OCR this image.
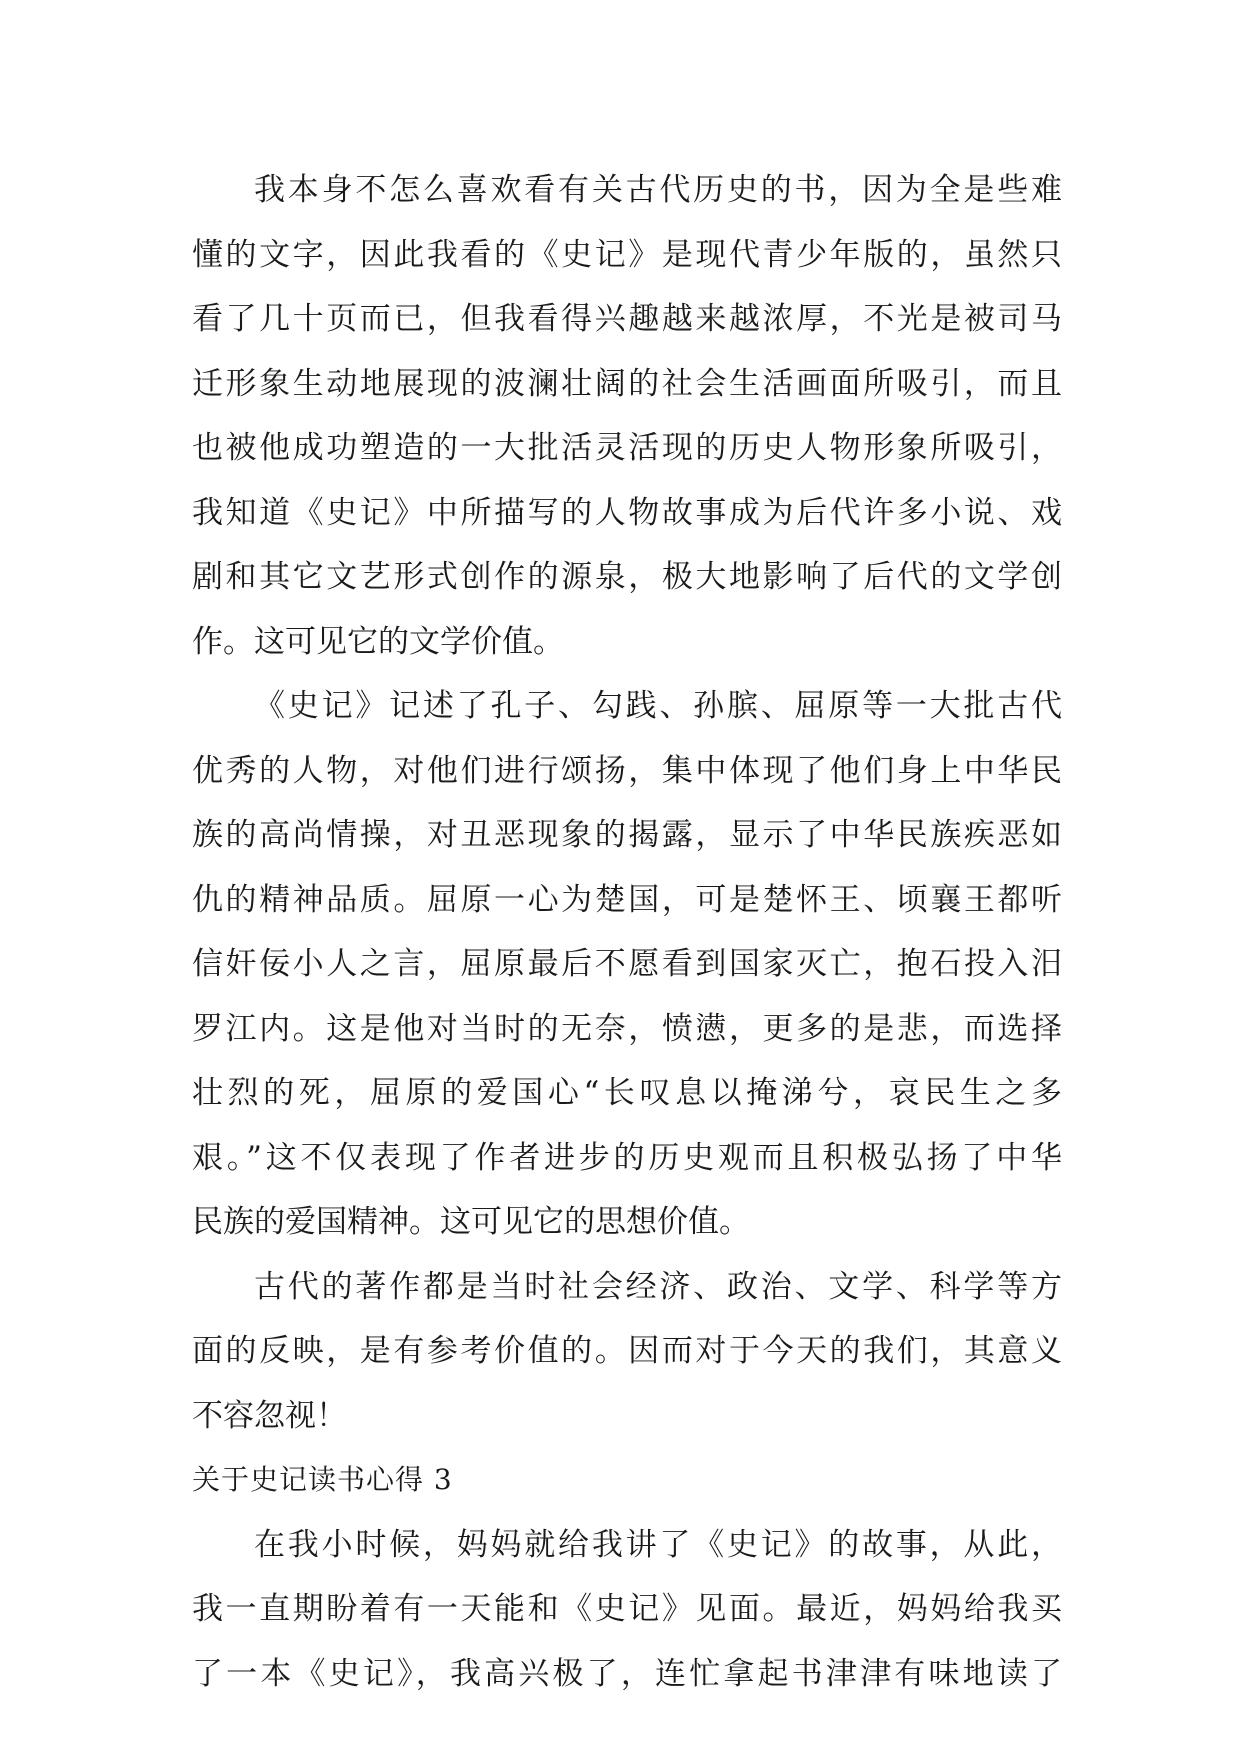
我本身不怎么喜欢看有关古代历史的书，因为全是些难
懂的文字，因此我看的《史记》是现代青少年版的，虽然只
看了几十页而已，但我看得兴趣越来越浓厚，不光是被司马
迁形象生动地展现的波澜壮阔的社会生活画面所吸引，而且
也被他成功塑造的一大批活灵活现的历史人物形象所吸引，
我知道《史记》中所描写的人物故事成为后代许多小说、戏
剧和其它文艺形式创作的源泉，极大地影响了后代的文学创
作。这可见它的文学价值。
《史记》记述了孔子、勾践、孙膑、屈原等一大批古代
优秀的人物，对他们进行颂扬，集中体现了他们身上中华民
族的高尚情操，对丑恶现象的揭露，显示了中华民族疾恶如
仇的精神品质。屈原一心为楚国，可是楚怀王、顷襄王都听
信奸佞小人之言，屈原最后不愿看到国家灭亡，抱石投入汨
罗江内。这是他对当时的无奈，愤懑，更多的是悲，而选择
壮烈的死，屈原的爱国心“长叹息以掩涕兮，哀民生之多
艰。”这不仅表现了作者进步的历史观而且积极弘扬了中华
民族的爱国精神。这可见它的思想价值。
古代的著作都是当时社会经济、政治、文学、科学等方
面的反映，是有参考价值的。因而对于今天的我们，其意义
不容忽视！
关于史记读书心得 3
在我小时候，妈妈就给我讲了《史记》的故事，从此，
我一直期盼着有一天能和《史记》见面。最近，妈妈给我买
了一本《史记》，我高兴极了，连忙拿起书津津有味地读了
